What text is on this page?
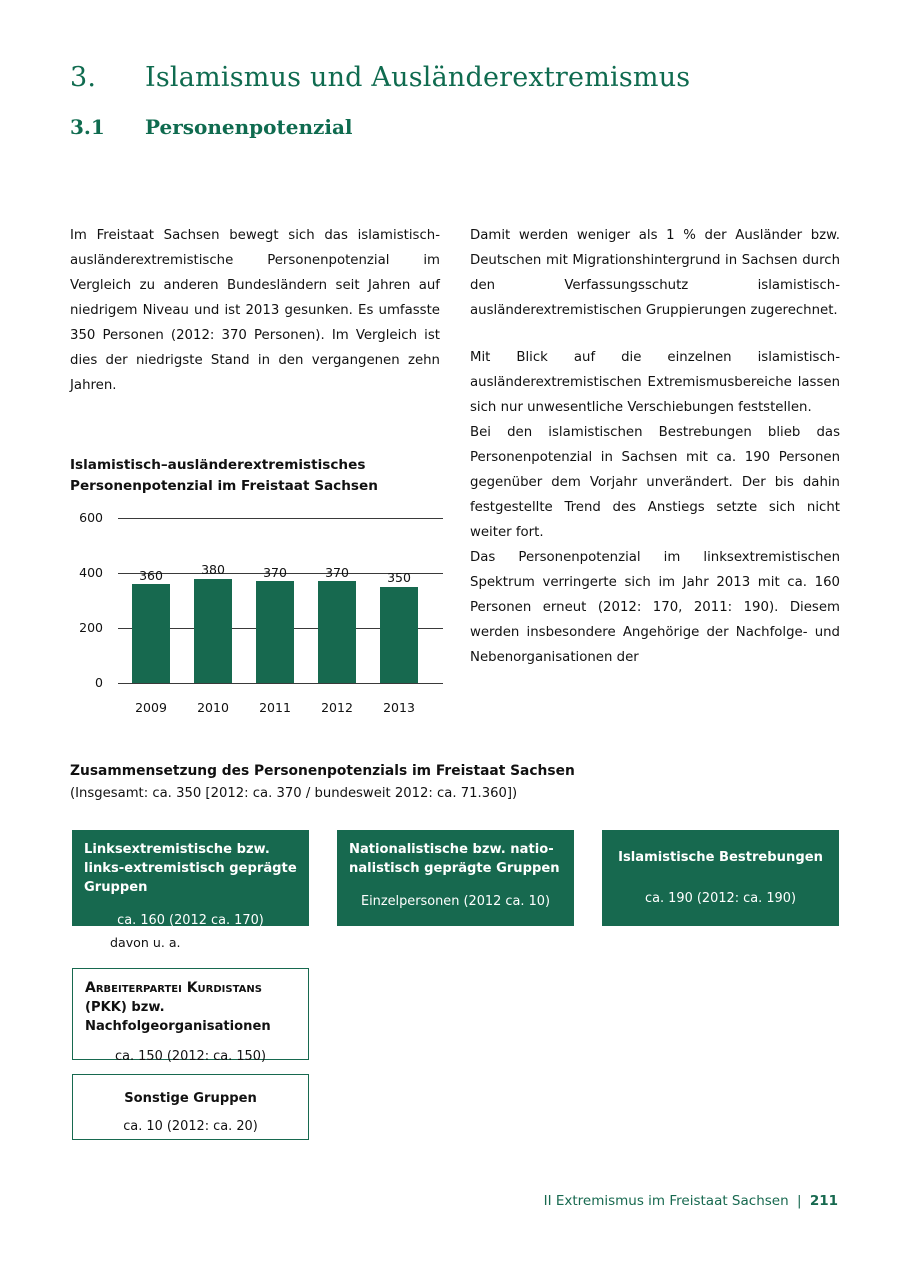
3.	Islamismus und Ausländerextremismus
3.1	Personenpotenzial

Im Freistaat Sachsen bewegt sich das islamistisch-ausländerextremistische Personenpotenzial im Vergleich zu anderen Bundesländern seit Jahren auf niedrigem Niveau und ist 2013 gesunken. Es umfasste 350 Personen (2012: 370 Personen). Im Vergleich ist dies der niedrigste Stand in den vergangenen zehn Jahren.

Damit werden weniger als 1 % der Ausländer bzw. Deutschen mit Migrationshintergrund in Sachsen durch den Verfassungsschutz islamistisch-ausländerextremistischen Gruppierungen zugerechnet.

Mit Blick auf die einzelnen islamistisch-ausländerextremistischen Extremismusbereiche lassen sich nur unwesentliche Verschiebungen feststellen.

Bei den islamistischen Bestrebungen blieb das Personenpotenzial in Sachsen mit ca. 190 Personen gegenüber dem Vorjahr unverändert. Der bis dahin festgestellte Trend des Anstiegs setzte sich nicht weiter fort.

Das Personenpotenzial im linksextremistischen Spektrum verringerte sich im Jahr 2013 mit ca. 160 Personen erneut (2012: 170, 2011: 190). Diesem werden insbesondere Angehörige der Nachfolge- und Nebenorganisationen der

Islamistisch–ausländerextremistisches Personenpotenzial im Freistaat Sachsen
600
400
200
0
360	380	370	370	350
2009	2010	2011	2012	2013
Zusammensetzung des Personenpotenzials im Freistaat Sachsen
(Insgesamt: ca. 350 [2012: ca. 370 / bundesweit 2012: ca. 71.360])
Linksextremistische bzw. links-extremistisch geprägte Gruppen
ca. 160 (2012 ca. 170)
Nationalistische bzw. natio-nalistisch geprägte Gruppen
Einzelpersonen (2012 ca. 10)
Islamistische Bestrebungen
ca. 190 (2012: ca. 190)
davon u. a.
Arbeiterpartei Kurdistans (PKK) bzw. Nachfolgeorganisationen
ca. 150 (2012: ca. 150)
Sonstige Gruppen
ca. 10 (2012: ca. 20)
II Extremismus im Freistaat Sachsen | 211
